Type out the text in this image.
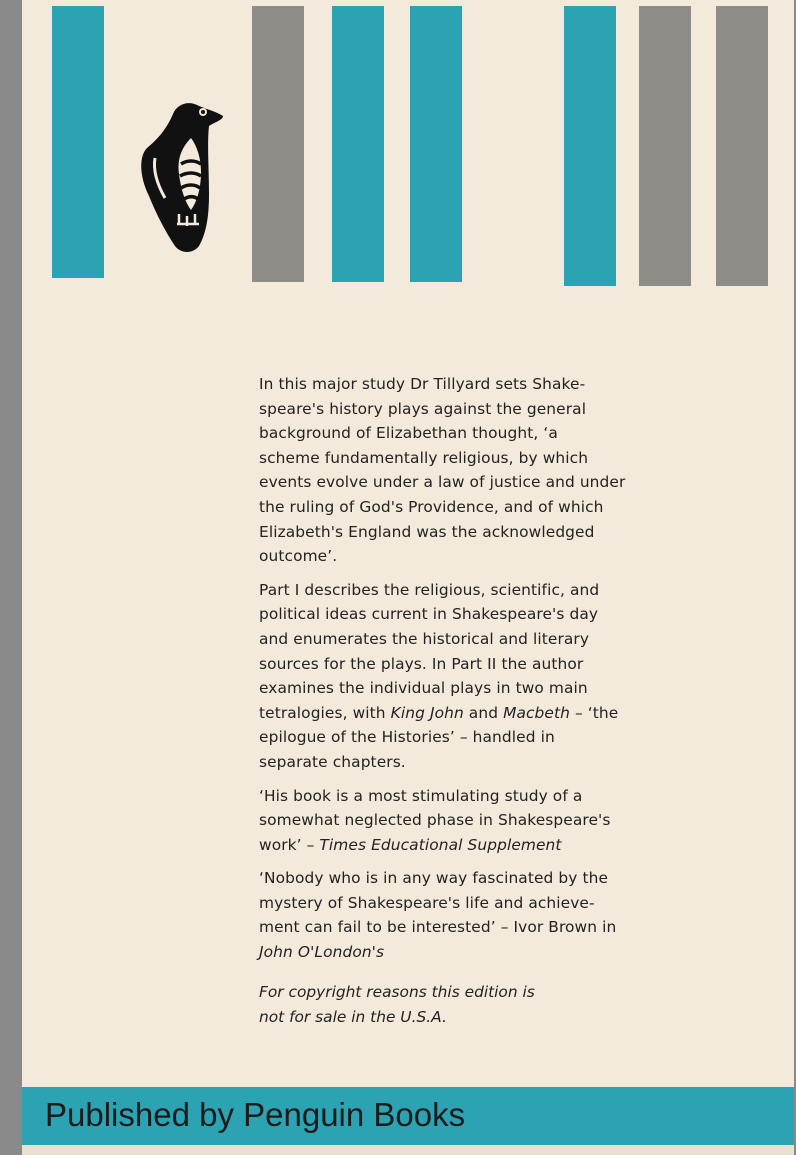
In this major study Dr Tillyard sets Shake-
speare's history plays against the general
background of Elizabethan thought, ‘a
scheme fundamentally religious, by which
events evolve under a law of justice and under
the ruling of God's Providence, and of which
Elizabeth's England was the acknowledged
outcome’.

Part I describes the religious, scientific, and
political ideas current in Shakespeare's day
and enumerates the historical and literary
sources for the plays. In Part II the author
examines the individual plays in two main
tetralogies, with King John and Macbeth – ‘the
epilogue of the Histories’ – handled in
separate chapters.

‘His book is a most stimulating study of a
somewhat neglected phase in Shakespeare's
work’ – Times Educational Supplement

‘Nobody who is in any way fascinated by the
mystery of Shakespeare's life and achieve-
ment can fail to be interested’ – Ivor Brown in
John O'London's

For copyright reasons this edition is
not for sale in the U.S.A.
Published by Penguin Books
